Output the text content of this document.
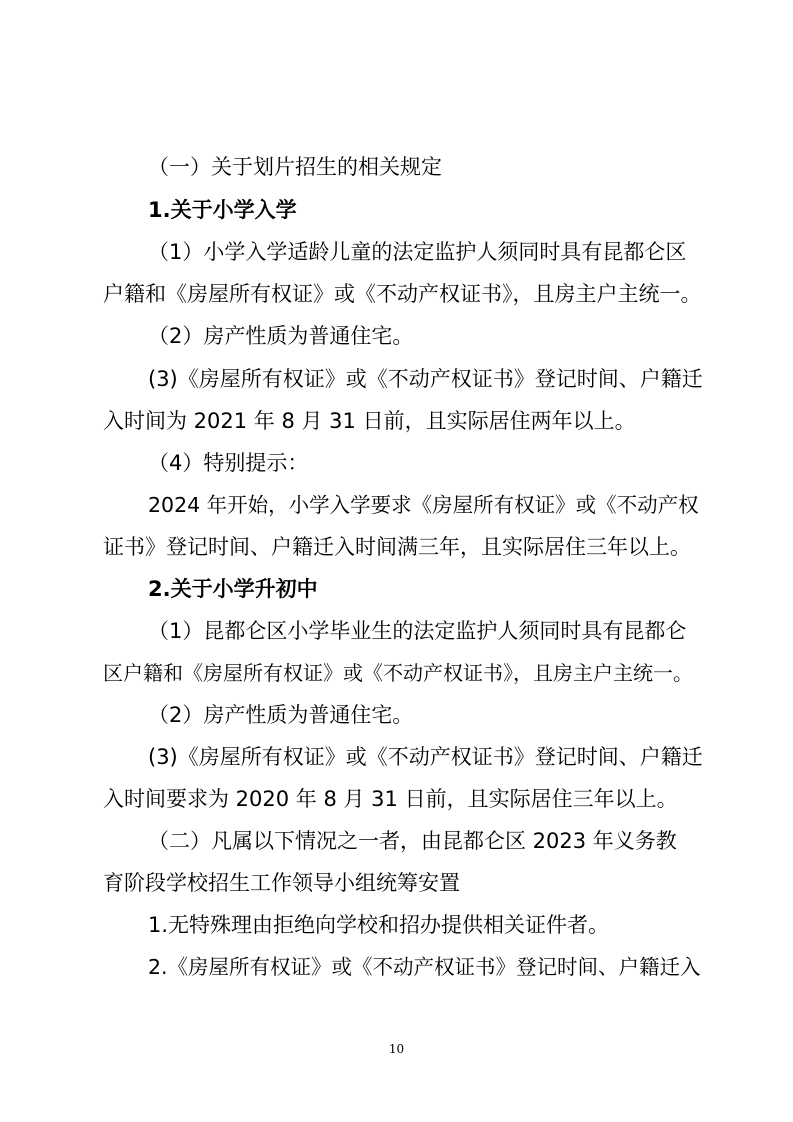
（一）关于划片招生的相关规定
1.关于小学入学
（1）小学入学适龄儿童的法定监护人须同时具有昆都仑区
户籍和《房屋所有权证》或《不动产权证书》，且房主户主统一。
（2）房产性质为普通住宅。
(3)《房屋所有权证》或《不动产权证书》登记时间、户籍迁
入时间为 2021 年 8 月 31 日前，且实际居住两年以上。
（4）特别提示：
2024 年开始，小学入学要求《房屋所有权证》或《不动产权
证书》登记时间、户籍迁入时间满三年，且实际居住三年以上。
2.关于小学升初中
（1）昆都仑区小学毕业生的法定监护人须同时具有昆都仑
区户籍和《房屋所有权证》或《不动产权证书》，且房主户主统一。
（2）房产性质为普通住宅。
(3)《房屋所有权证》或《不动产权证书》登记时间、户籍迁
入时间要求为 2020 年 8 月 31 日前，且实际居住三年以上。
（二）凡属以下情况之一者，由昆都仑区 2023 年义务教
育阶段学校招生工作领导小组统筹安置
1.无特殊理由拒绝向学校和招办提供相关证件者。
2.《房屋所有权证》或《不动产权证书》登记时间、户籍迁入
10
